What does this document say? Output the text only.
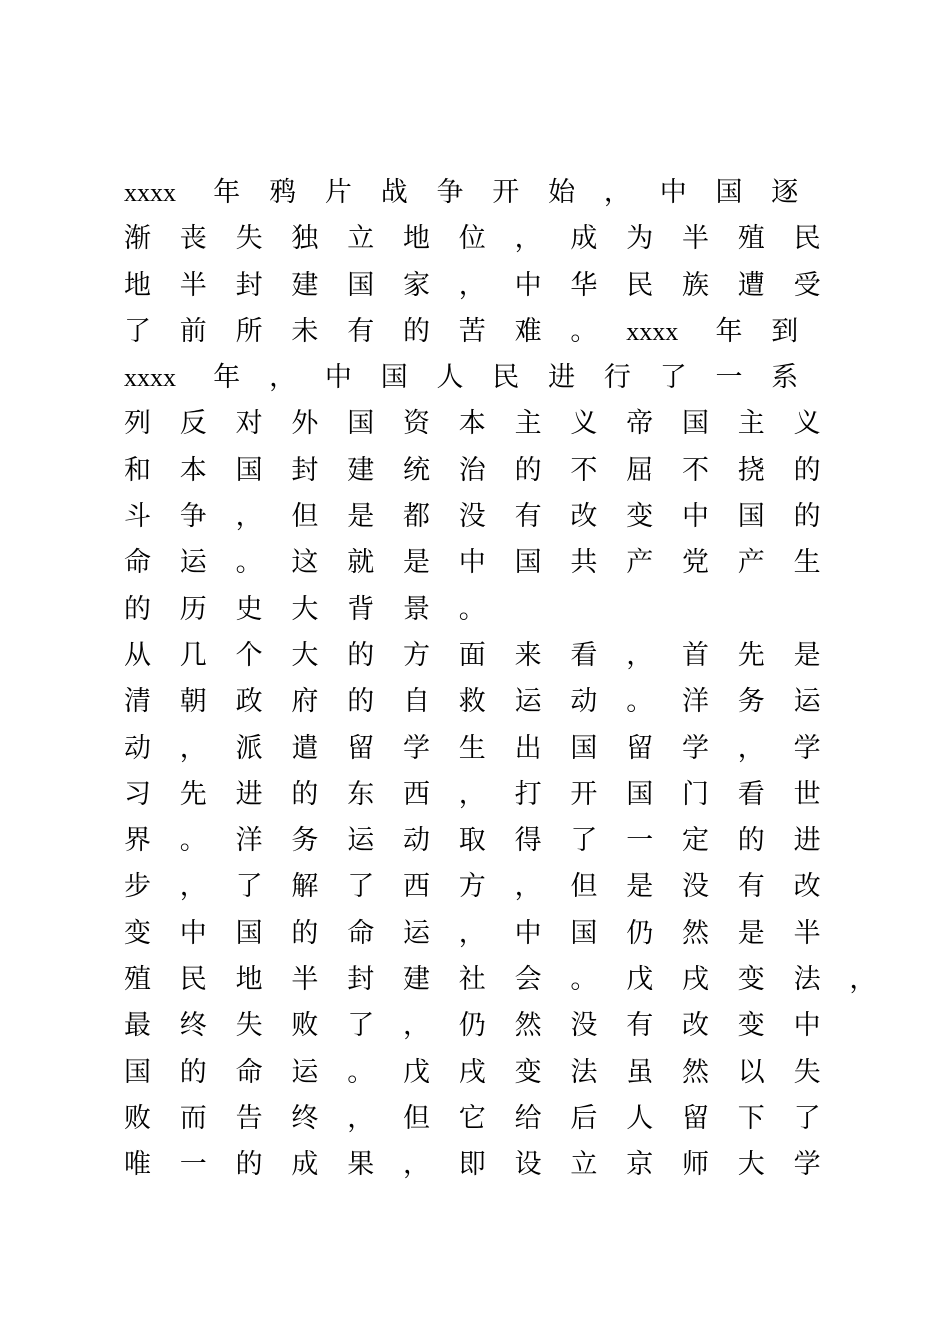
xxxx 年 鸦 片 战 争 开 始 ， 中 国 逐
渐 丧 失 独 立 地 位 ， 成 为 半 殖 民
地 半 封 建 国 家 ， 中 华 民 族 遭 受
了 前 所 未 有 的 苦 难 。 xxxx 年 到
xxxx 年 ， 中 国 人 民 进 行 了 一 系
列 反 对 外 国 资 本 主 义 帝 国 主 义
和 本 国 封 建 统 治 的 不 屈 不 挠 的
斗 争 ， 但 是 都 没 有 改 变 中 国 的
命 运 。 这 就 是 中 国 共 产 党 产 生
的 历 史 大 背 景 。
从 几 个 大 的 方 面 来 看 ， 首 先 是
清 朝 政 府 的 自 救 运 动 。 洋 务 运
动 ， 派 遣 留 学 生 出 国 留 学 ， 学
习 先 进 的 东 西 ， 打 开 国 门 看 世
界 。 洋 务 运 动 取 得 了 一 定 的 进
步 ， 了 解 了 西 方 ， 但 是 没 有 改
变 中 国 的 命 运 ， 中 国 仍 然 是 半
殖 民 地 半 封 建 社 会 。 戊 戌 变 法 ，
最 终 失 败 了 ， 仍 然 没 有 改 变 中
国 的 命 运 。 戊 戌 变 法 虽 然 以 失
败 而 告 终 ， 但 它 给 后 人 留 下 了
唯 一 的 成 果 ， 即 设 立 京 师 大 学
